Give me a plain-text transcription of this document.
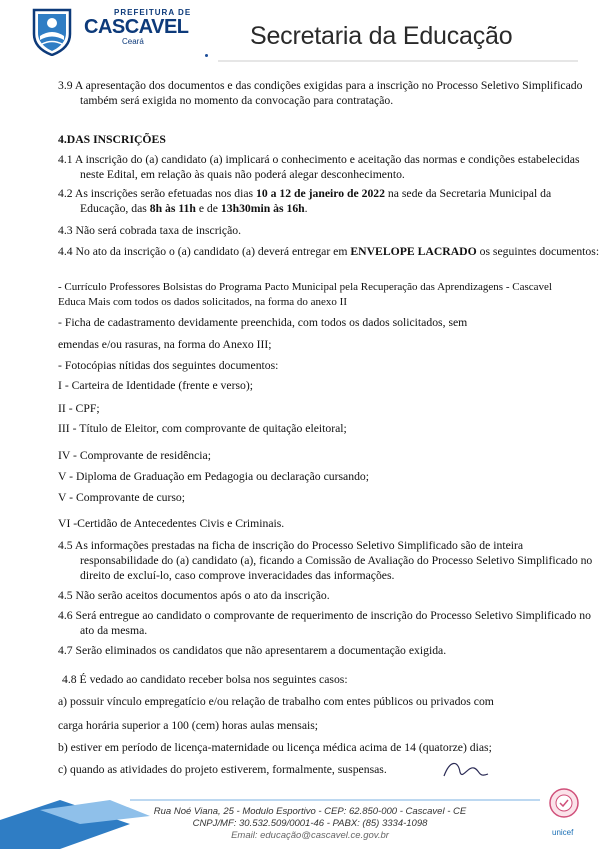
PREFEITURA DE
CASCAVEL
Ceará	Secretaria da Educação
3.9 A apresentação dos documentos e das condições exigidas para a inscrição no Processo Seletivo Simplificado também será exigida no momento da convocação para contratação.
4.DAS INSCRIÇÕES
4.1 A inscrição do (a) candidato (a) implicará o conhecimento e aceitação das normas e condições estabelecidas neste Edital, em relação às quais não poderá alegar desconhecimento.
4.2 As inscrições serão efetuadas nos dias 10 a 12 de janeiro de 2022 na sede da Secretaria Municipal da Educação, das 8h às 11h e de 13h30min às 16h.
4.3 Não será cobrada taxa de inscrição.
4.4 No ato da inscrição o (a) candidato (a) deverá entregar em ENVELOPE LACRADO os seguintes documentos:
- Currículo Professores Bolsistas do Programa Pacto Municipal pela Recuperação das Aprendizagens - Cascavel Educa Mais com todos os dados solicitados, na forma do anexo II
- Ficha de cadastramento devidamente preenchida, com todos os dados solicitados, sem
emendas e/ou rasuras, na forma do Anexo III;
- Fotocópias nítidas dos seguintes documentos:
I - Carteira de Identidade (frente e verso);
II - CPF;
III - Título de Eleitor, com comprovante de quitação eleitoral;
IV - Comprovante de residência;
V - Diploma de Graduação em Pedagogia ou declaração cursando;
V - Comprovante de curso;
VI -Certidão de Antecedentes Civis e Criminais.
4.5 As informações prestadas na ficha de inscrição do Processo Seletivo Simplificado são de inteira responsabilidade do (a) candidato (a), ficando a Comissão de Avaliação do Processo Seletivo Simplificado no direito de excluí-lo, caso comprove inveracidades das informações.
4.5 Não serão aceitos documentos após o ato da inscrição.
4.6 Será entregue ao candidato o comprovante de requerimento de inscrição do Processo Seletivo Simplificado no ato da mesma.
4.7 Serão eliminados os candidatos que não apresentarem a documentação exigida.
4.8 É vedado ao candidato receber bolsa nos seguintes casos:
a) possuir vínculo empregatício e/ou relação de trabalho com entes públicos ou privados com
carga horária superior a 100 (cem) horas aulas mensais;
b) estiver em período de licença-maternidade ou licença médica acima de 14 (quatorze) dias;
c) quando as atividades do projeto estiverem, formalmente, suspensas.
Rua Noé Viana, 25 - Modulo Esportivo - CEP: 62.850-000 - Cascavel - CE
CNPJ/MF: 30.532.509/0001-46 - PABX: (85) 3334-1098
Email: educação@cascavel.ce.gov.br	unicef
